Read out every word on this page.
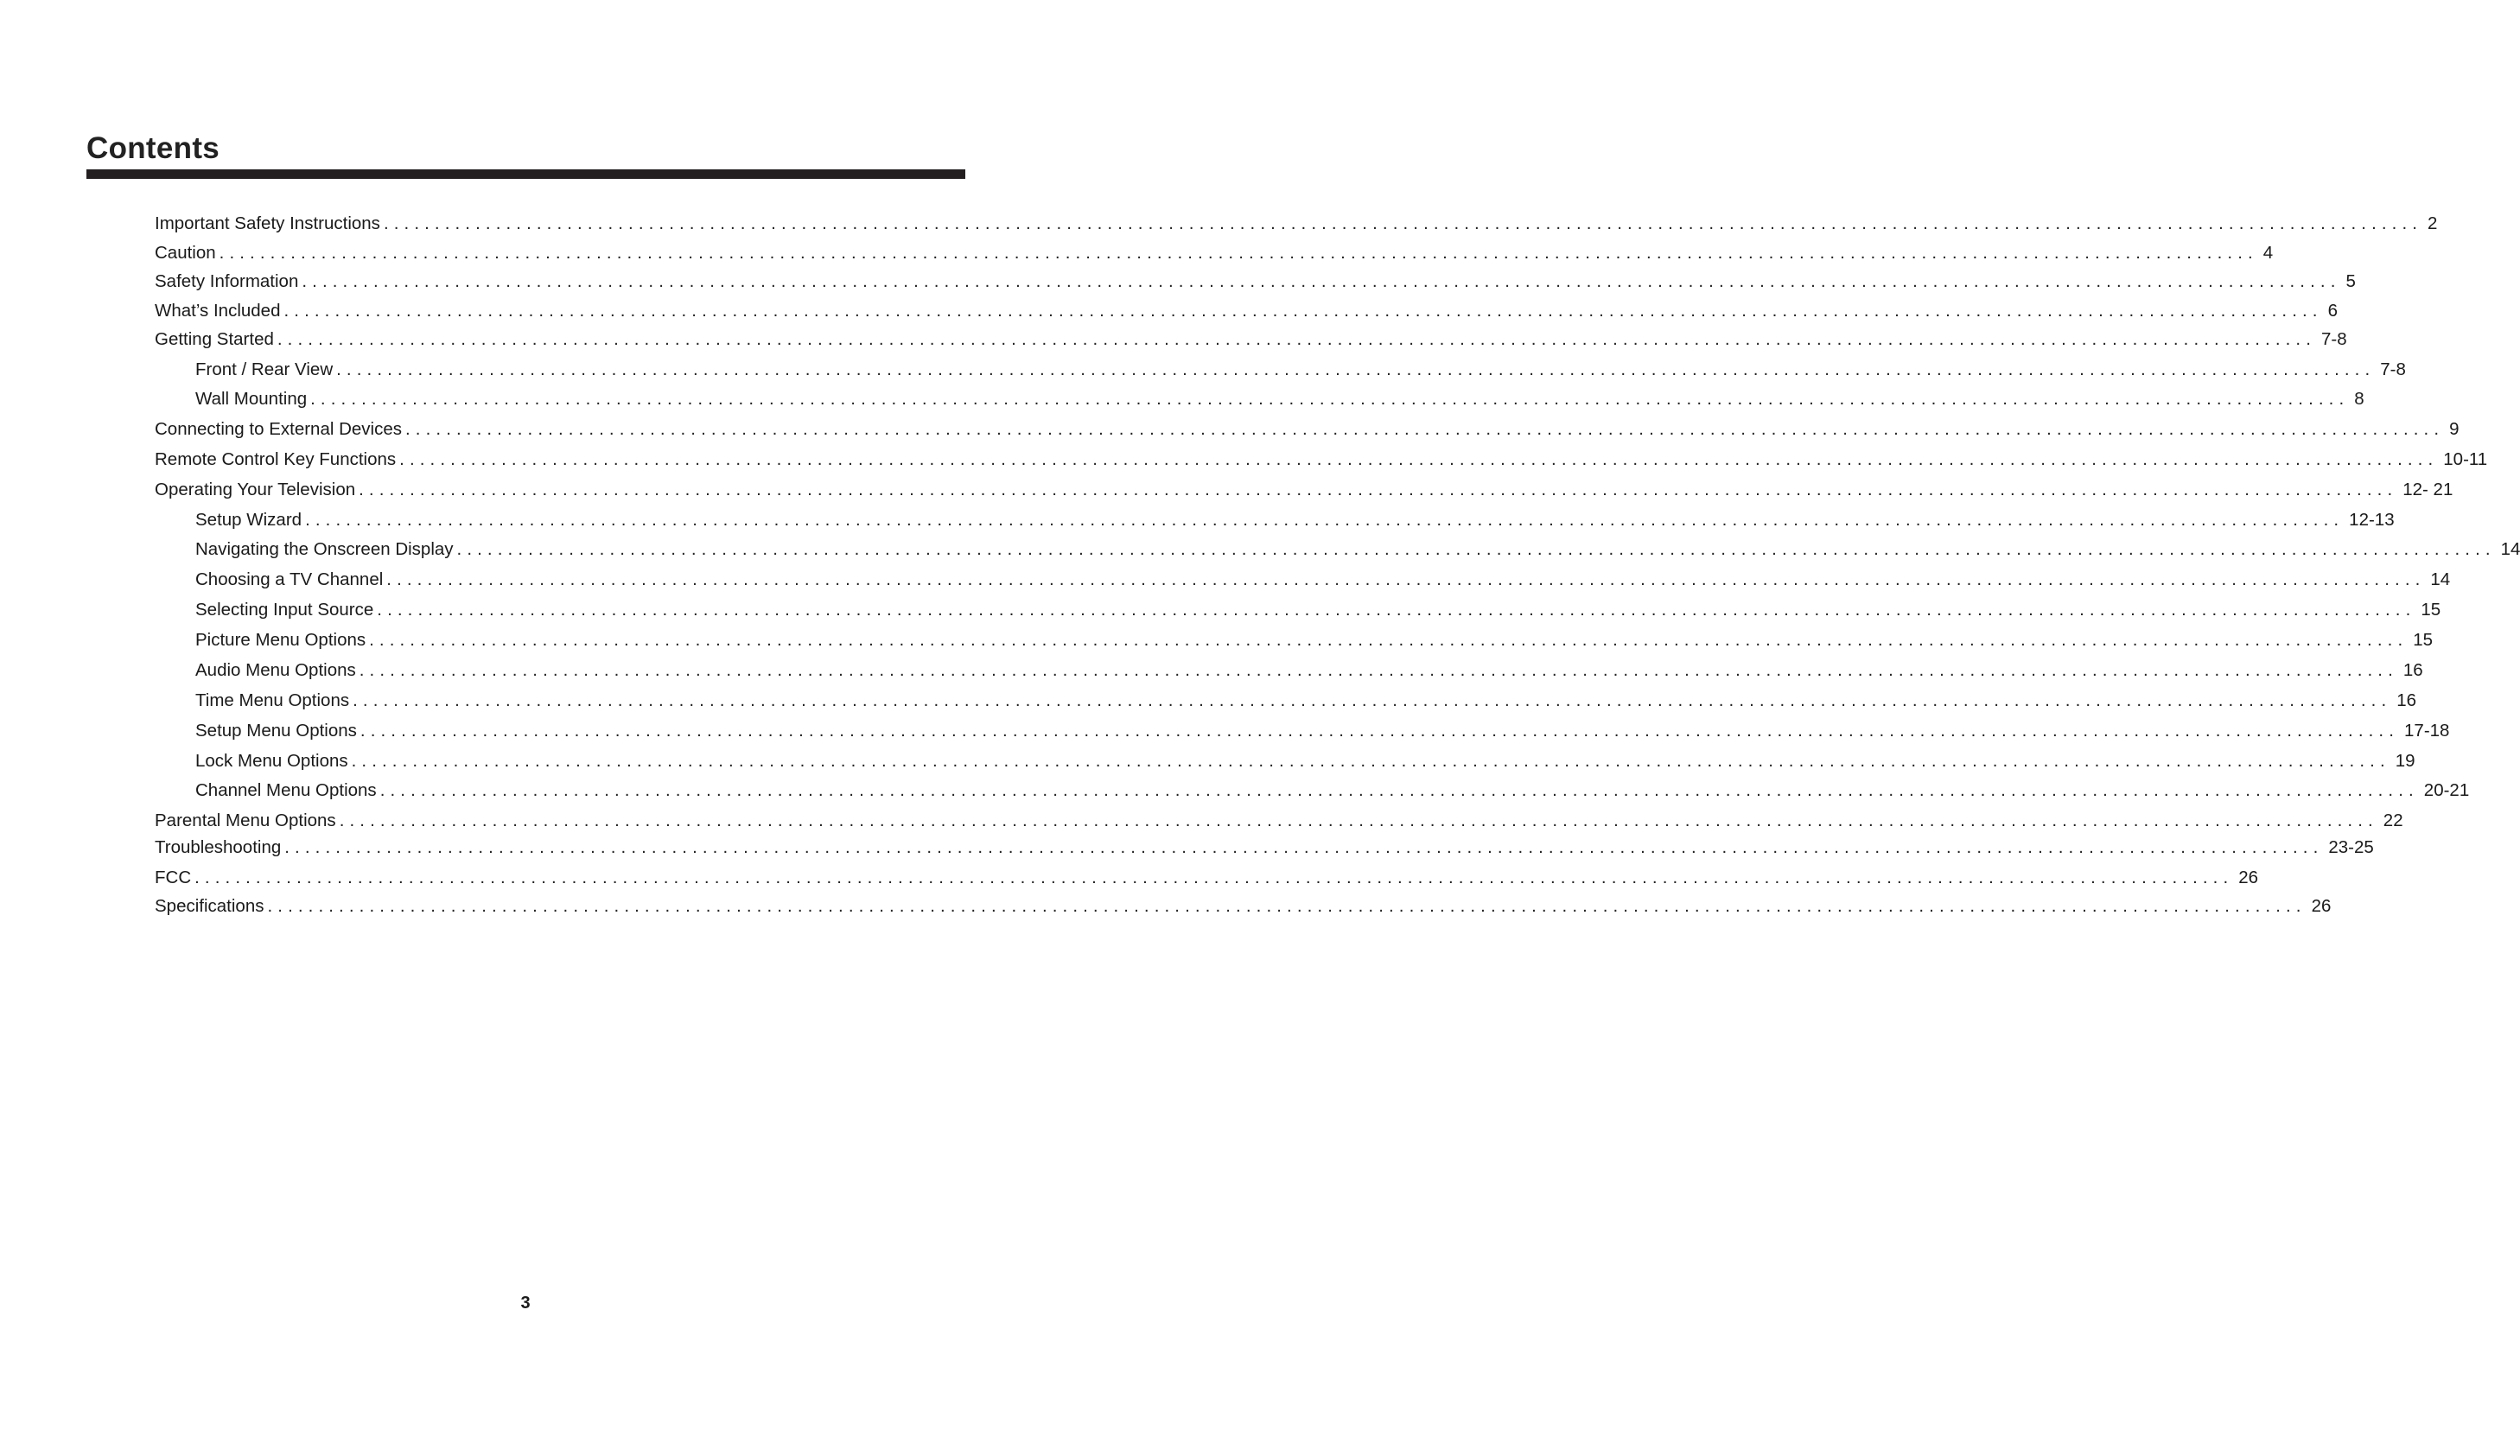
Contents
Important Safety Instructions ........................................................................................................................................................................................................ 2
Caution ........................................................................................................................................................................................................ 4
Safety Information ........................................................................................................................................................................................................ 5
What’s Included ........................................................................................................................................................................................................ 6
Getting Started ........................................................................................................................................................................................................ 7-8
Front / Rear View ........................................................................................................................................................................................................ 7-8
Wall Mounting ........................................................................................................................................................................................................ 8
Connecting to External Devices ........................................................................................................................................................................................................ 9
Remote Control Key Functions ........................................................................................................................................................................................................ 10-11
Operating Your Television ........................................................................................................................................................................................................ 12- 21
Setup Wizard ........................................................................................................................................................................................................ 12-13
Navigating the Onscreen Display ........................................................................................................................................................................................................ 14
Choosing a TV Channel ........................................................................................................................................................................................................ 14
Selecting Input Source ........................................................................................................................................................................................................ 15
Picture Menu Options ........................................................................................................................................................................................................ 15
Audio Menu Options ........................................................................................................................................................................................................ 16
Time Menu Options ........................................................................................................................................................................................................ 16
Setup Menu Options ........................................................................................................................................................................................................ 17-18
Lock Menu Options ........................................................................................................................................................................................................ 19
Channel Menu Options ........................................................................................................................................................................................................ 20-21
Parental Menu Options ........................................................................................................................................................................................................ 22
Troubleshooting ........................................................................................................................................................................................................ 23-25
FCC ........................................................................................................................................................................................................ 26
Specifications ........................................................................................................................................................................................................ 26
3
